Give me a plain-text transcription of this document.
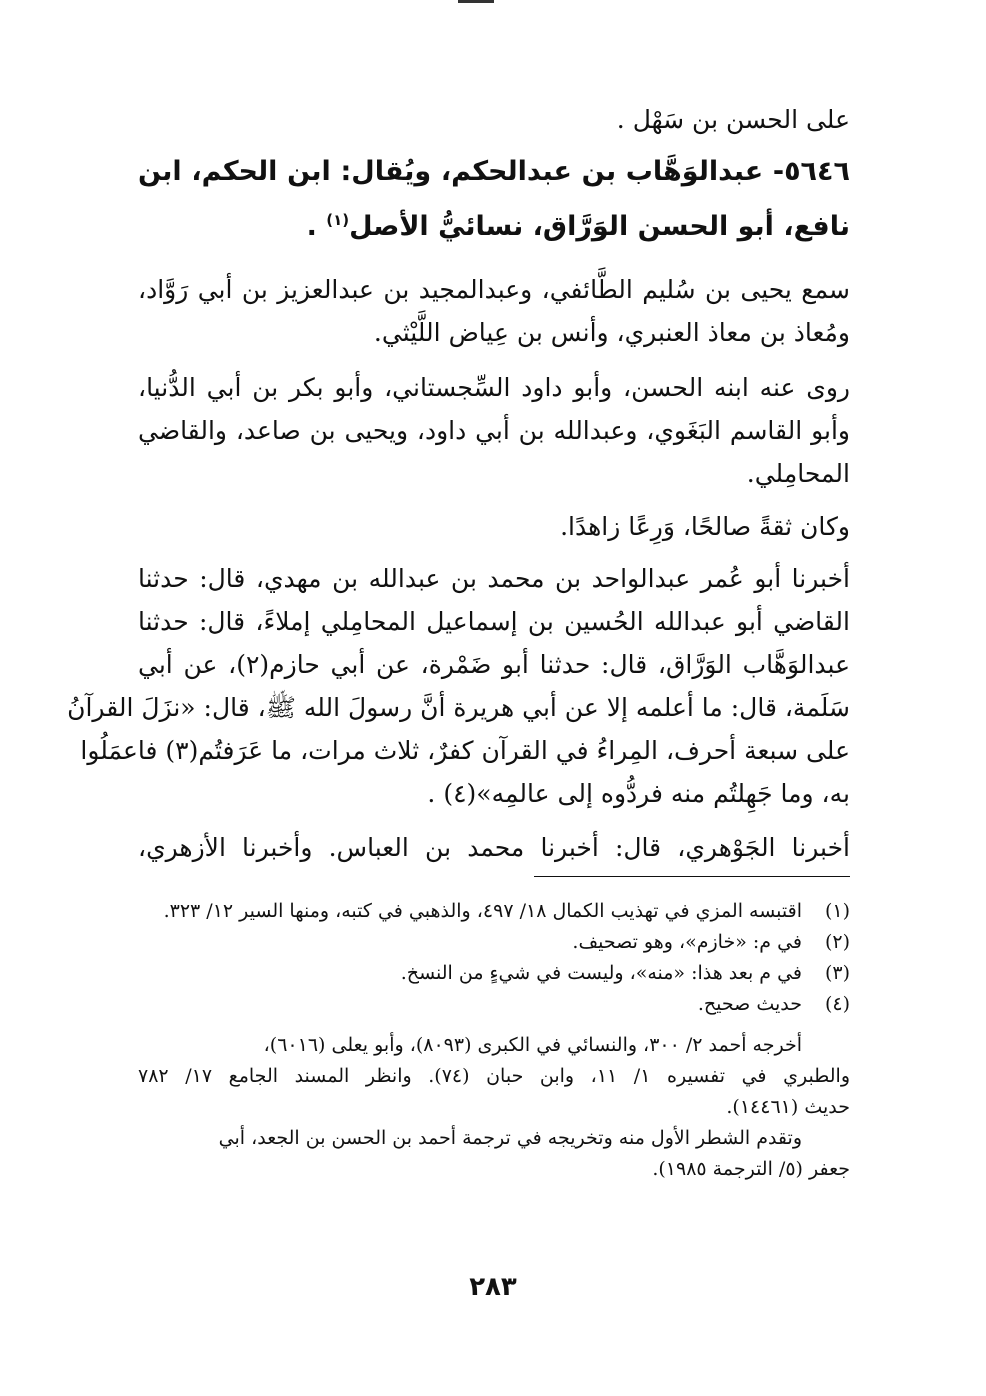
على الحسن بن سَهْل .

٥٦٤٦- عبدالوَهَّاب بن عبدالحكم، ويُقال: ابن الحكم، ابن
نافع، أبو الحسن الوَرَّاق، نسائيُّ الأصل$^{(١)}$ .

سمع يحيى بن سُليم الطَّائفي، وعبدالمجيد بن عبدالعزيز بن أبي رَوَّاد،
ومُعاذ بن معاذ العنبري، وأنس بن عِياض اللَّيْثي.

روى عنه ابنه الحسن، وأبو داود السِّجستاني، وأبو بكر بن أبي الدُّنيا،
وأبو القاسم البَغَوي، وعبدالله بن أبي داود، ويحيى بن صاعد، والقاضي
المحامِلي.

وكان ثقةً صالحًا، وَرِعًا زاهدًا.

أخبرنا أبو عُمر عبدالواحد بن محمد بن عبدالله بن مهدي، قال: حدثنا
القاضي أبو عبدالله الحُسين بن إسماعيل المحامِلي إملاءً، قال: حدثنا
عبدالوَهَّاب الوَرَّاق، قال: حدثنا أبو ضَمْرة، عن أبي حازم(٢)، عن أبي
سَلَمة، قال: ما أعلمه إلا عن أبي هريرة أنَّ رسولَ الله ﷺ، قال: «نزَلَ القرآنُ
على سبعة أحرف، المِراءُ في القرآن كفرٌ، ثلاث مرات، ما عَرَفتُم(٣) فاعمَلُوا
به، وما جَهِلتُم منه فردُّوه إلى عالمِه»(٤) .

أخبرنا الجَوْهري، قال: أخبرنا محمد بن العباس. وأخبرنا الأزهري،

(١)اقتبسه المزي في تهذيب الكمال ١٨/ ٤٩٧، والذهبي في كتبه، ومنها السير ١٢/ ٣٢٣.
(٢)في م: «خازم»، وهو تصحيف.
(٣)في م بعد هذا: «منه»، وليست في شيءٍ من النسخ.
(٤)حديث صحيح.
أخرجه أحمد ٢/ ٣٠٠، والنسائي في الكبرى (٨٠٩٣)، وأبو يعلى (٦٠١٦)،
والطبري في تفسيره ١/ ١١، وابن حبان (٧٤). وانظر المسند الجامع ١٧/ ٧٨٢
حديث (١٤٤٦١).
وتقدم الشطر الأول منه وتخريجه في ترجمة أحمد بن الحسن بن الجعد، أبي
جعفر (٥/ الترجمة ١٩٨٥).
٢٨٣
